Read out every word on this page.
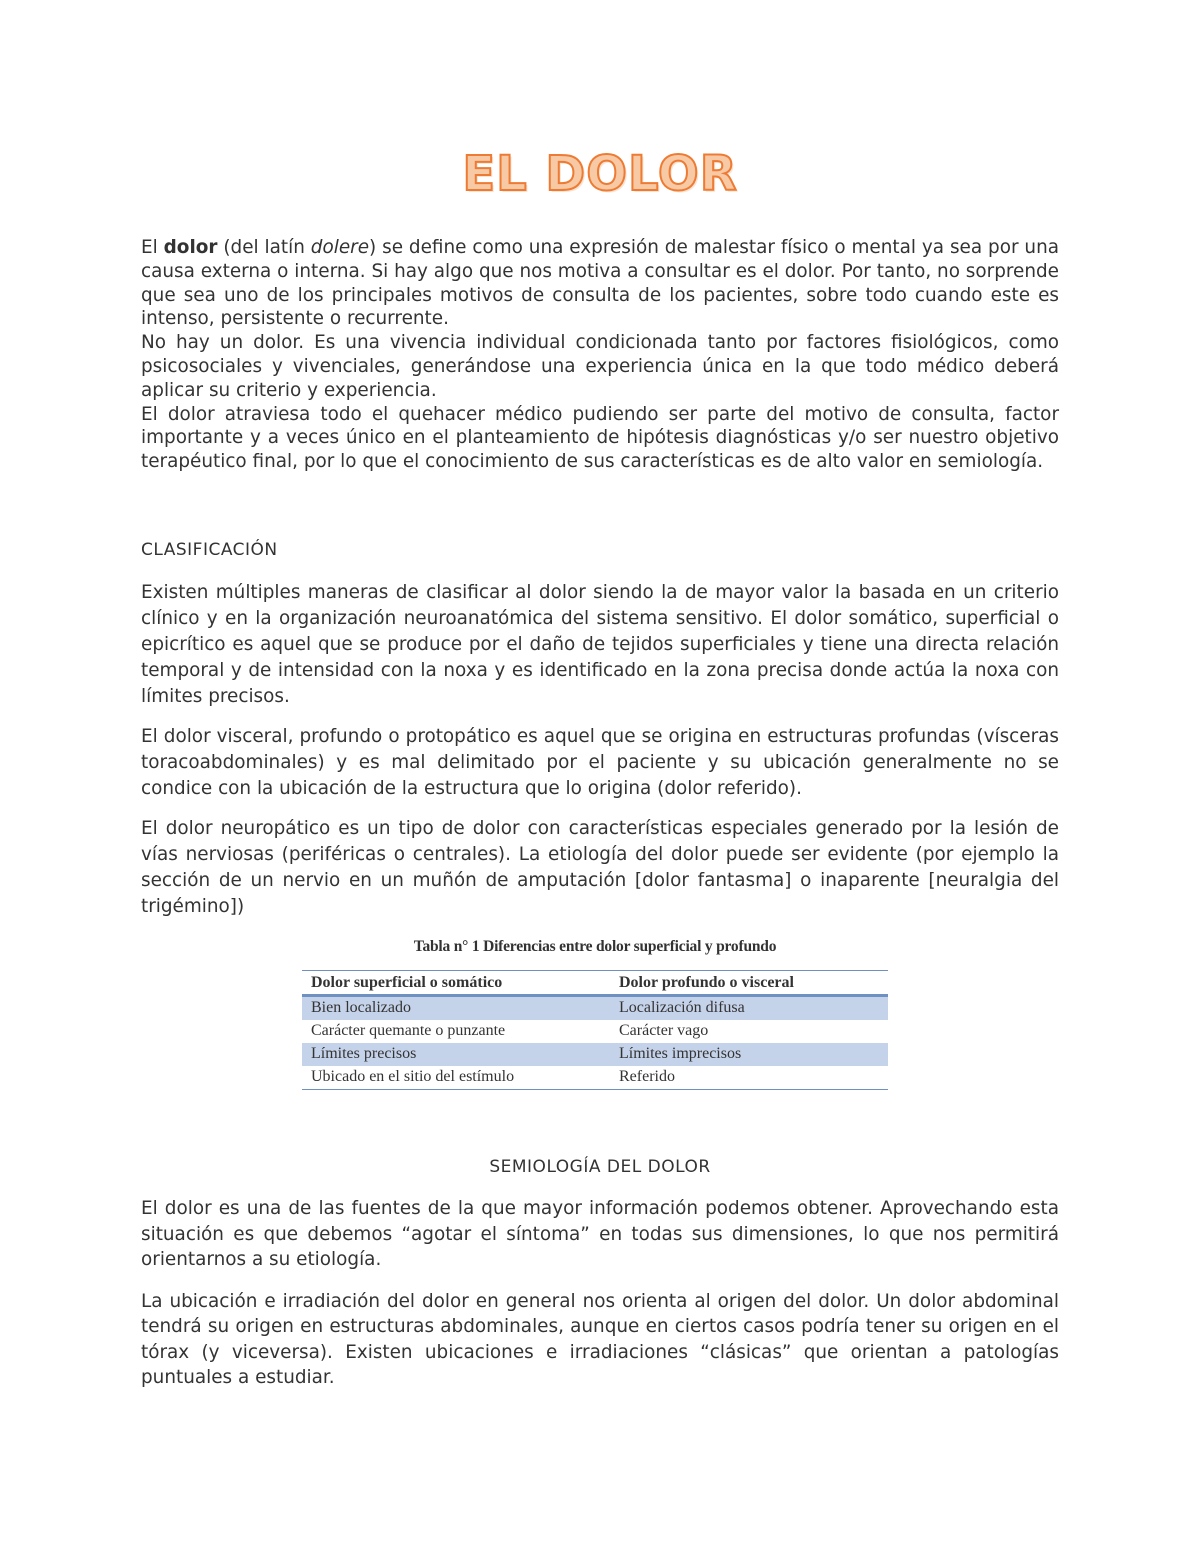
EL DOLOR

El dolor (del latín dolere) se define como una expresión de malestar físico o mental ya sea por una causa externa o interna. Si hay algo que nos motiva a consultar es el dolor. Por tanto, no sorprende que sea uno de los principales motivos de consulta de los pacientes, sobre todo cuando este es intenso, persistente o recurrente.

No hay un dolor. Es una vivencia individual condicionada tanto por factores fisiológicos, como psicosociales y vivenciales, generándose una experiencia única en la que todo médico deberá aplicar su criterio y experiencia.

El dolor atraviesa todo el quehacer médico pudiendo ser parte del motivo de consulta, factor importante y a veces único en el planteamiento de hipótesis diagnósticas y/o ser nuestro objetivo terapéutico final, por lo que el conocimiento de sus características es de alto valor en semiología.

CLASIFICACIÓN

Existen múltiples maneras de clasificar al dolor siendo la de mayor valor la basada en un criterio clínico y en la organización neuroanatómica del sistema sensitivo. El dolor somático, superficial o epicrítico es aquel que se produce por el daño de tejidos superficiales y tiene una directa relación temporal y de intensidad con la noxa y es identificado en la zona precisa donde actúa la noxa con límites precisos.

El dolor visceral, profundo o protopático es aquel que se origina en estructuras profundas (vísceras toracoabdominales) y es mal delimitado por el paciente y su ubicación generalmente no se condice con la ubicación de la estructura que lo origina (dolor referido).

El dolor neuropático es un tipo de dolor con características especiales generado por la lesión de vías nerviosas (periféricas o centrales). La etiología del dolor puede ser evidente (por ejemplo la sección de un nervio en un muñón de amputación [dolor fantasma] o inaparente [neuralgia del trigémino])

Tabla n° 1 Diferencias entre dolor superficial y profundo
Dolor superficial o somático	Dolor profundo o visceral
Bien localizado	Localización difusa
Carácter quemante o punzante	Carácter vago
Límites precisos	Límites imprecisos
Ubicado en el sitio del estímulo	Referido
SEMIOLOGÍA DEL DOLOR

El dolor es una de las fuentes de la que mayor información podemos obtener. Aprovechando esta situación es que debemos “agotar el síntoma” en todas sus dimensiones, lo que nos permitirá orientarnos a su etiología.

La ubicación e irradiación del dolor en general nos orienta al origen del dolor. Un dolor abdominal tendrá su origen en estructuras abdominales, aunque en ciertos casos podría tener su origen en el tórax (y viceversa). Existen ubicaciones e irradiaciones “clásicas” que orientan a patologías puntuales a estudiar.
